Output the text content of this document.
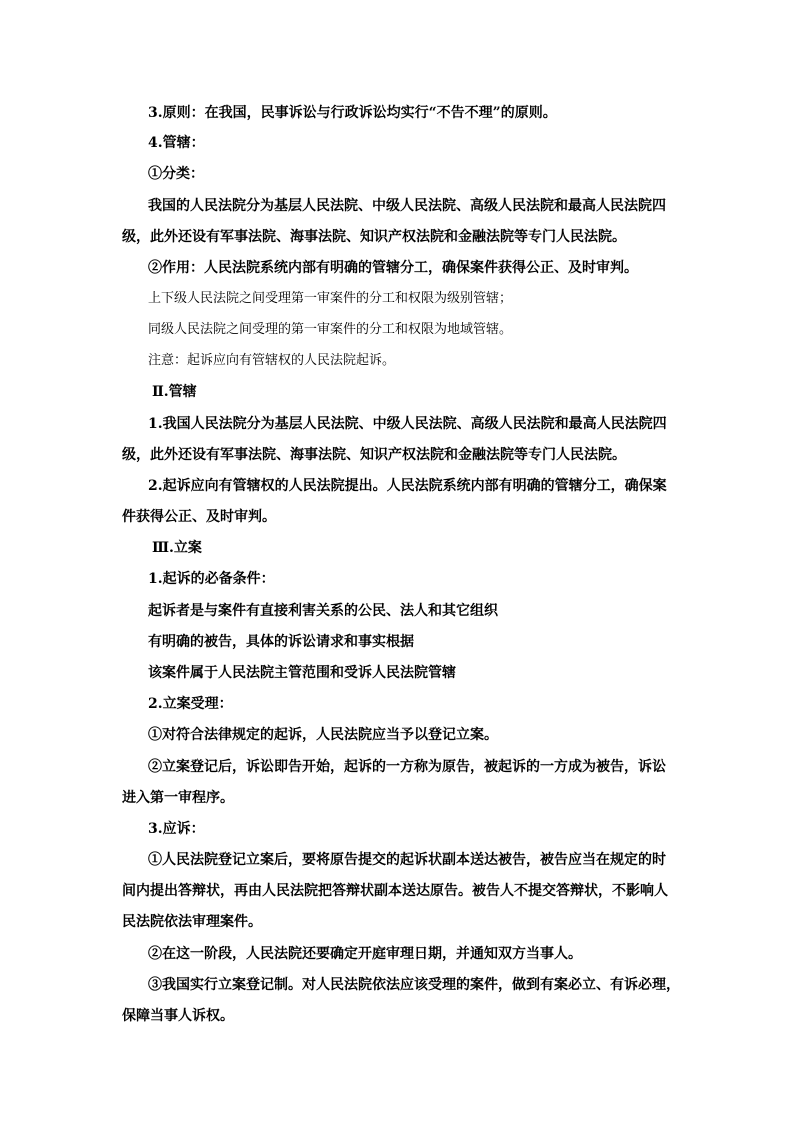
3.原则：在我国，民事诉讼与行政诉讼均实行“不告不理”的原则。
4.管辖：
①分类：
我国的人民法院分为基层人民法院、中级人民法院、高级人民法院和最高人民法院四
级，此外还设有军事法院、海事法院、知识产权法院和金融法院等专门人民法院。
②作用：人民法院系统内部有明确的管辖分工，确保案件获得公正、及时审判。
上下级人民法院之间受理第一审案件的分工和权限为级别管辖；
同级人民法院之间受理的第一审案件的分工和权限为地域管辖。
注意：起诉应向有管辖权的人民法院起诉。
Ⅱ.管辖
1.我国人民法院分为基层人民法院、中级人民法院、高级人民法院和最高人民法院四
级，此外还设有军事法院、海事法院、知识产权法院和金融法院等专门人民法院。
2.起诉应向有管辖权的人民法院提出。人民法院系统内部有明确的管辖分工，确保案
件获得公正、及时审判。
Ⅲ.立案
1.起诉的必备条件：
起诉者是与案件有直接利害关系的公民、法人和其它组织
有明确的被告，具体的诉讼请求和事实根据
该案件属于人民法院主管范围和受诉人民法院管辖
2.立案受理：
①对符合法律规定的起诉，人民法院应当予以登记立案。
②立案登记后，诉讼即告开始，起诉的一方称为原告，被起诉的一方成为被告，诉讼
进入第一审程序。
3.应诉：
①人民法院登记立案后，要将原告提交的起诉状副本送达被告，被告应当在规定的时
间内提出答辩状，再由人民法院把答辩状副本送达原告。被告人不提交答辩状，不影响人
民法院依法审理案件。
②在这一阶段，人民法院还要确定开庭审理日期，并通知双方当事人。
③我国实行立案登记制。对人民法院依法应该受理的案件，做到有案必立、有诉必理，
保障当事人诉权。
